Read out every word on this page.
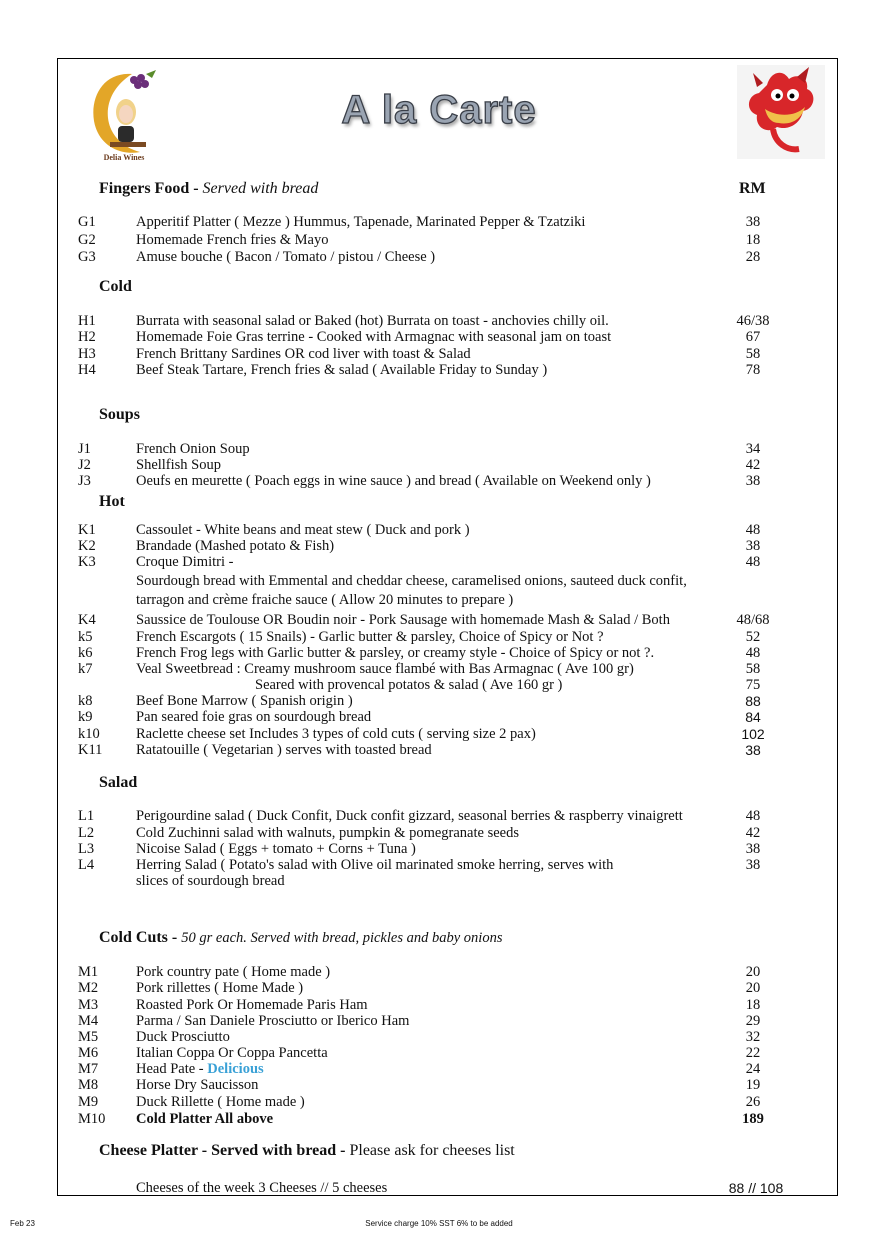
Delia Wines
A la Carte
Fingers Food - Served with bread	RM
G1	Apperitif Platter ( Mezze ) Hummus, Tapenade, Marinated Pepper & Tzatziki	38
G2	Homemade French fries & Mayo	18
G3	Amuse bouche ( Bacon / Tomato / pistou / Cheese )	28
Cold
H1	Burrata with seasonal salad or Baked (hot) Burrata on toast - anchovies chilly oil.	46/38
H2	Homemade Foie Gras terrine - Cooked with Armagnac with seasonal jam on toast	67
H3	French Brittany Sardines OR cod liver with toast & Salad	58
H4	Beef Steak Tartare, French fries & salad ( Available Friday to Sunday )	78
Soups
J1	French Onion Soup	34
J2	Shellfish Soup	42
J3	Oeufs en meurette ( Poach eggs in wine sauce ) and bread ( Available on Weekend only )	38
Hot
K1	Cassoulet - White beans and meat stew ( Duck and pork )	48
K2	Brandade (Mashed potato & Fish)	38
K3	Croque Dimitri -	48
Sourdough bread with Emmental and cheddar cheese, caramelised onions, sauteed duck confit,
tarragon and crème fraiche sauce ( Allow 20 minutes to prepare )
K4	Saussice de Toulouse OR Boudin noir - Pork Sausage with homemade Mash & Salad / Both	48/68
k5	French Escargots ( 15 Snails) - Garlic butter & parsley, Choice of Spicy or Not ?	52
k6	French Frog legs with Garlic butter & parsley, or creamy style - Choice of Spicy or not ?.	48
k7	Veal Sweetbread : Creamy mushroom sauce flambé with Bas Armagnac ( Ave 100 gr)	58
Seared with provencal potatos & salad ( Ave 160 gr )	75
k8	Beef Bone Marrow ( Spanish origin )	88
k9	Pan seared foie gras on sourdough bread	84
k10	Raclette cheese set Includes 3 types of cold cuts ( serving size 2 pax)	102
K11 Ratatouille ( Vegetarian ) serves with toasted bread	38
Salad
L1	Perigourdine salad ( Duck Confit, Duck confit gizzard, seasonal berries & raspberry vinaigrett	48
L2	Cold Zuchinni salad with walnuts, pumpkin & pomegranate seeds	42
L3	Nicoise Salad ( Eggs + tomato + Corns + Tuna )	38
L4	Herring Salad ( Potato's salad with Olive oil marinated smoke herring, serves with	38
slices of sourdough bread
Cold Cuts - 50 gr each. Served with bread, pickles and baby onions
M1	Pork country pate ( Home made )	20
M2	Pork rillettes ( Home Made )	20
M3	Roasted Pork Or Homemade Paris Ham	18
M4	Parma / San Daniele Prosciutto or Iberico Ham	29
M5	Duck Prosciutto	32
M6	Italian Coppa Or Coppa Pancetta	22
M7	Head Pate - Delicious	24
M8	Horse Dry Saucisson	19
M9	Duck Rillette ( Home made )	26
M10 Cold Platter All above	189
Cheese Platter - Served with bread - Please ask for cheeses list
Cheeses of the week 3 Cheeses // 5 cheeses	88 // 108
Feb 23	Service charge 10% SST 6% to be added
